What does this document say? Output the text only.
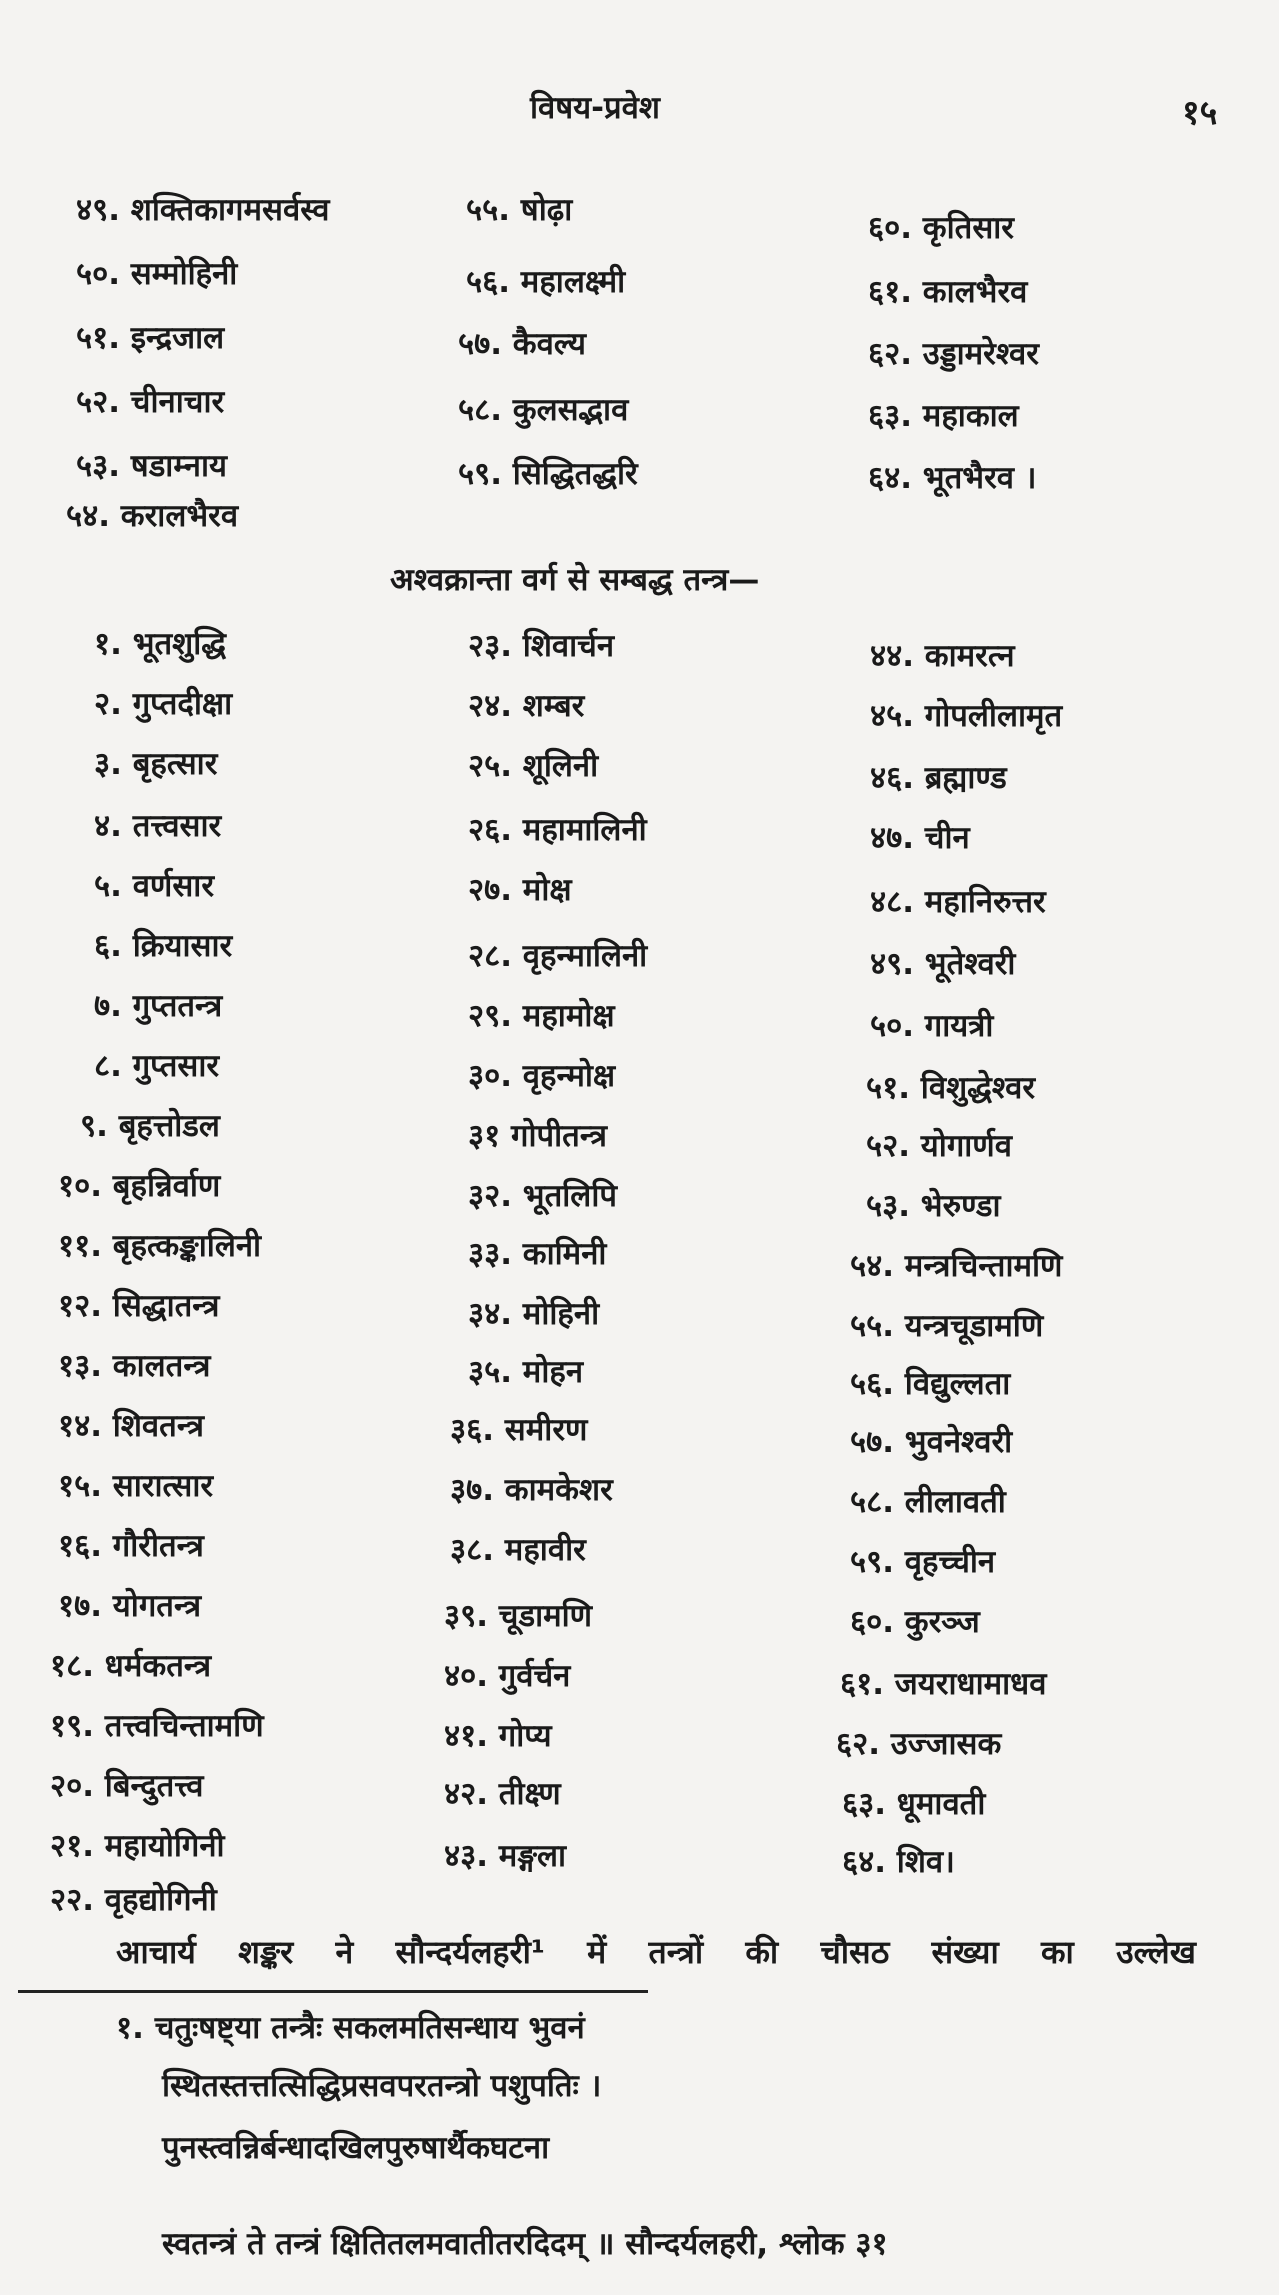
विषय-प्रवेश	१५
४९. शक्तिकागमसर्वस्व
५०. सम्मोहिनी
५१. इन्द्रजाल
५२. चीनाचार
५३. षडाम्नाय
५४. करालभैरव
५५. षोढ़ा
५६. महालक्ष्मी
५७. कैवल्य
५८. कुलसद्भाव
५९. सिद्धितद्धरि
६०. कृतिसार
६१. कालभैरव
६२. उड्डामरेश्वर
६३. महाकाल
६४. भूतभैरव ।
अश्वक्रान्ता वर्ग से सम्बद्ध तन्त्र—
१. भूतशुद्धि
२. गुप्तदीक्षा
३. बृहत्सार
४. तत्त्वसार
५. वर्णसार
६. क्रियासार
७. गुप्ततन्त्र
८. गुप्तसार
९. बृहत्तोडल
१०. बृहन्निर्वाण
११. बृहत्कङ्कालिनी
१२. सिद्धातन्त्र
१३. कालतन्त्र
१४. शिवतन्त्र
१५. सारात्सार
१६. गौरीतन्त्र
१७. योगतन्त्र
१८. धर्मकतन्त्र
१९. तत्त्वचिन्तामणि
२०. बिन्दुतत्त्व
२१. महायोगिनी
२२. वृहद्योगिनी
२३. शिवार्चन
२४. शम्बर
२५. शूलिनी
२६. महामालिनी
२७. मोक्ष
२८. वृहन्मालिनी
२९. महामोक्ष
३०. वृहन्मोक्ष
३१ गोपीतन्त्र
३२. भूतलिपि
३३. कामिनी
३४. मोहिनी
३५. मोहन
३६. समीरण
३७. कामकेशर
३८. महावीर
३९. चूडामणि
४०. गुर्वर्चन
४१. गोप्य
४२. तीक्ष्ण
४३. मङ्गला
४४. कामरत्न
४५. गोपलीलामृत
४६. ब्रह्माण्ड
४७. चीन
४८. महानिरुत्तर
४९. भूतेश्वरी
५०. गायत्री
५१. विशुद्धेश्वर
५२. योगार्णव
५३. भेरुण्डा
५४. मन्त्रचिन्तामणि
५५. यन्त्रचूडामणि
५६. विद्युल्लता
५७. भुवनेश्वरी
५८. लीलावती
५९. वृहच्चीन
६०. कुरञ्ज
६१. जयराधामाधव
६२. उज्जासक
६३. धूमावती
६४. शिव।
आचार्य शङ्कर ने सौन्दर्यलहरी¹ में तन्त्रों की चौसठ संख्या का उल्लेख
१. चतुःषष्ट्या तन्त्रैः सकलमतिसन्धाय भुवनं
स्थितस्तत्तत्सिद्धिप्रसवपरतन्त्रो पशुपतिः ।
पुनस्त्वन्निर्बन्धादखिलपुरुषार्थैकघटना
स्वतन्त्रं ते तन्त्रं क्षितितलमवातीतरदिदम् ॥ सौन्दर्यलहरी, श्लोक ३१
